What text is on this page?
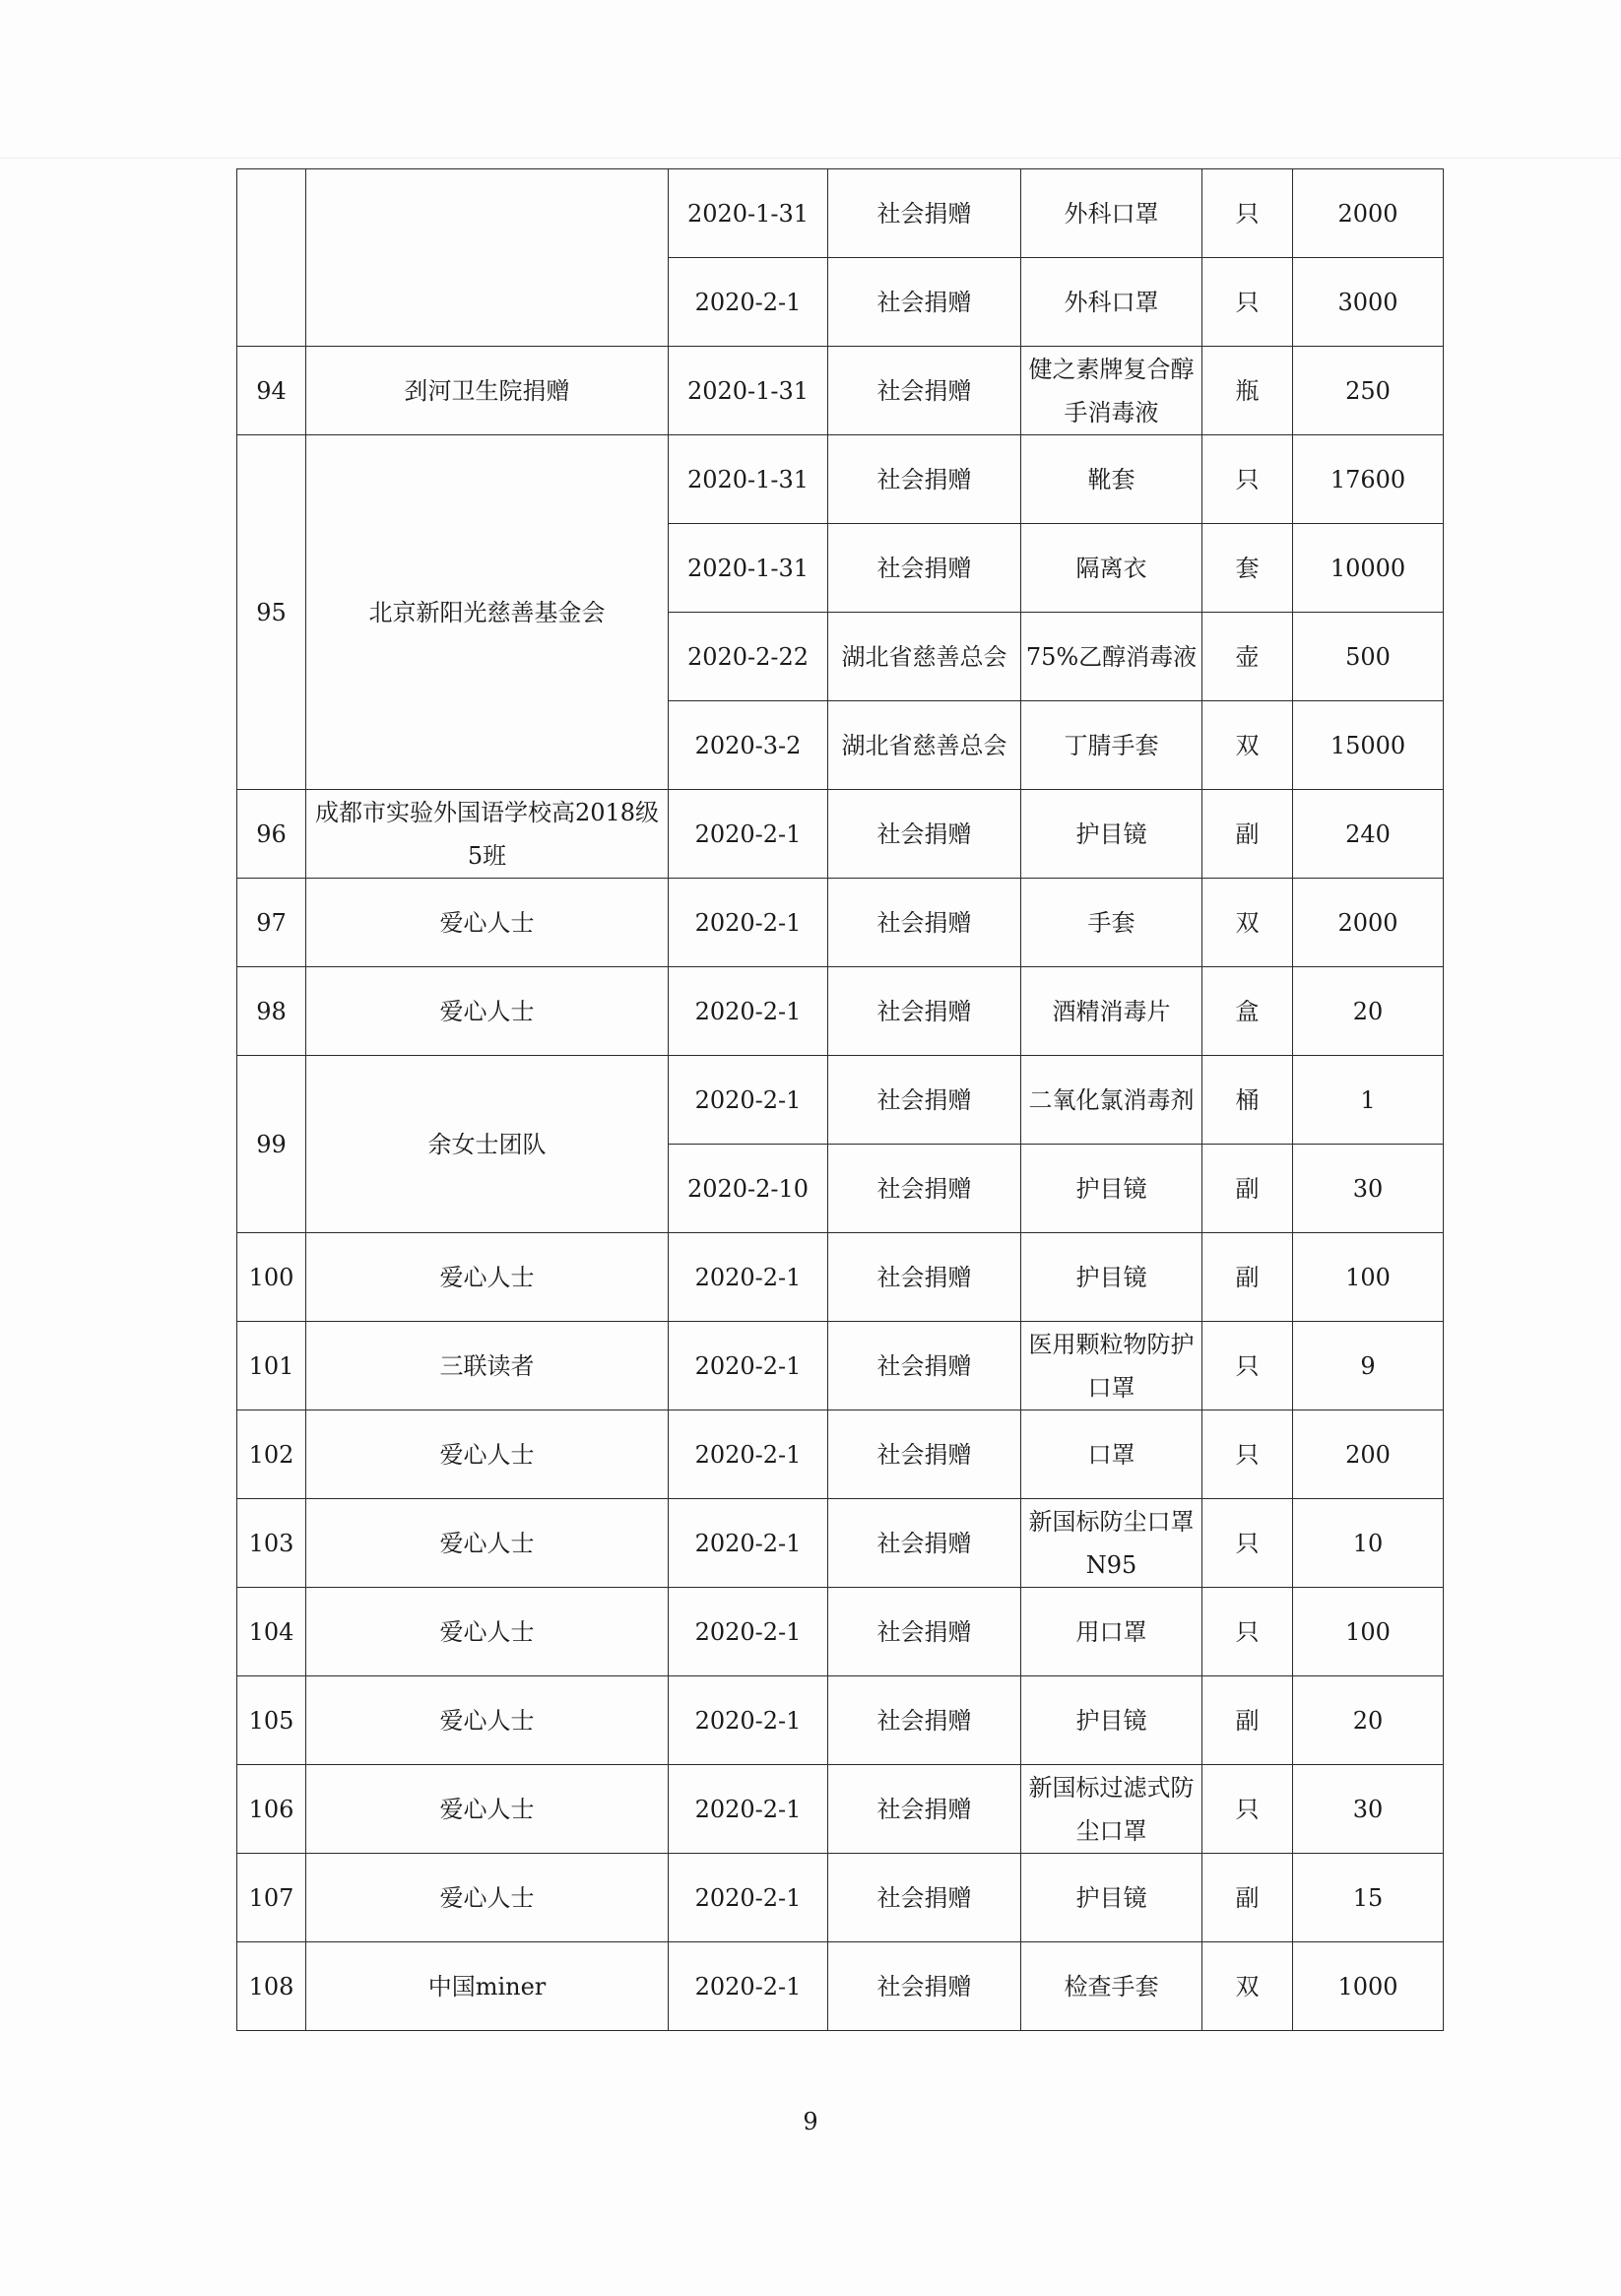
		2020-1-31	社会捐赠	外科口罩	只	2000
		2020-2-1	社会捐赠	外科口罩	只	3000
94	刭河卫生院捐赠	2020-1-31	社会捐赠	健之素牌复合醇手消毒液	瓶	250
95	北京新阳光慈善基金会	2020-1-31	社会捐赠	靴套	只	17600
		2020-1-31	社会捐赠	隔离衣	套	10000
		2020-2-22	湖北省慈善总会	75%乙醇消毒液	壶	500
		2020-3-2	湖北省慈善总会	丁腈手套	双	15000
96	成都市实验外国语学校高2018级5班	2020-2-1	社会捐赠	护目镜	副	240
97	爱心人士	2020-2-1	社会捐赠	手套	双	2000
98	爱心人士	2020-2-1	社会捐赠	酒精消毒片	盒	20
99	余女士团队	2020-2-1	社会捐赠	二氧化氯消毒剂	桶	1
		2020-2-10	社会捐赠	护目镜	副	30
100	爱心人士	2020-2-1	社会捐赠	护目镜	副	100
101	三联读者	2020-2-1	社会捐赠	医用颗粒物防护口罩	只	9
102	爱心人士	2020-2-1	社会捐赠	口罩	只	200
103	爱心人士	2020-2-1	社会捐赠	新国标防尘口罩N95	只	10
104	爱心人士	2020-2-1	社会捐赠	用口罩	只	100
105	爱心人士	2020-2-1	社会捐赠	护目镜	副	20
106	爱心人士	2020-2-1	社会捐赠	新国标过滤式防尘口罩	只	30
107	爱心人士	2020-2-1	社会捐赠	护目镜	副	15
108	中国miner	2020-2-1	社会捐赠	检查手套	双	1000
9
